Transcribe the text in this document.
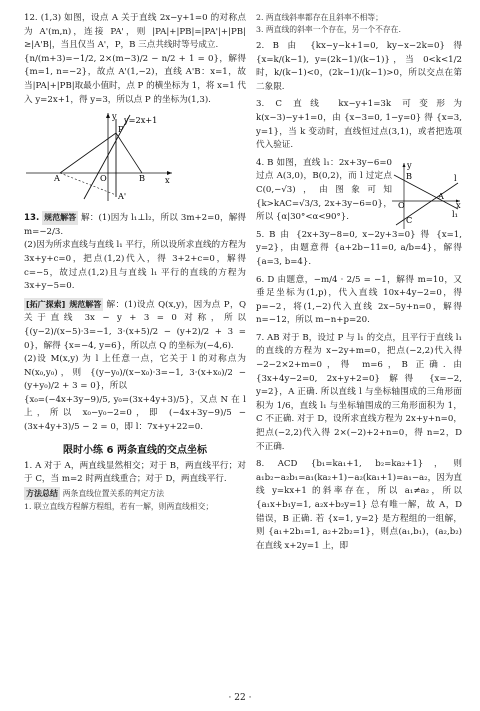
12. (1,3) 如图，设点 A 关于直线 2x−y+1=0 的对称点为 A'(m,n)，连接 PA'，则 |PA|+|PB|=|PA'|+|PB|≥|A'B|，当且仅当 A'，P，B 三点共线时等号成立.

{n/(m+3)=−1/2, 2×(m−3)/2 − n/2 + 1 = 0}，解得 {m=1, n=−2}，故点 A'(1,−2)，直线 A'B：x=1，故当|PA|+|PB|取最小值时，点 P 的横坐标为 1，将 x=1 代入 y=2x+1，得 y=3，所以点 P 的坐标为(1,3).

y=2x+1
A	B
P
A'
O	x
y

13. 规范解答 解：(1)因为 l₁⊥l₂，所以 3m+2=0，解得 m=−2/3.

(2)因为所求直线与直线 l₁ 平行，所以设所求直线的方程为 3x+y+c=0，把点(1,2)代入，得 3+2+c=0，解得 c=−5，故过点(1,2)且与直线 l₁ 平行的直线的方程为 3x+y−5=0.

[拓广探索] 规范解答 解：(1)设点 Q(x,y)，因为点 P，Q 关于直线 3x − y + 3 = 0 对称，所以 {(y−2)/(x−5)·3=−1, 3·(x+5)/2 − (y+2)/2 + 3 = 0}，解得 {x=−4, y=6}，所以点 Q 的坐标为(−4,6).

(2)设 M(x,y) 为 l 上任意一点，它关于 l 的对称点为 N(x₀,y₀)，则 {(y−y₀)/(x−x₀)·3=−1, 3·(x+x₀)/2 − (y+y₀)/2 + 3 = 0}，所以

{x₀=(−4x+3y−9)/5, y₀=(3x+4y+3)/5}，又点 N 在 l 上，所以 x₀−y₀−2=0，即 (−4x+3y−9)/5 − (3x+4y+3)/5 − 2 = 0，即 l：7x+y+22=0.

限时小练 6 两条直线的交点坐标

1. A 对于 A，两直线显然相交；对于 B，两直线平行；对于 C，当 m=2 时两直线重合；对于 D，两直线平行.

方法总结 两条直线位置关系的判定方法

1. 联立直线方程解方程组，若有一解，则两直线相交；

2. 两直线斜率都存在且斜率不相等；

3. 两直线的斜率一个存在，另一个不存在.

2. B 由 {kx−y−k+1=0, ky−x−2k=0} 得 {x=k/(k−1), y=(2k−1)/(k−1)}，当 0<k<1/2 时，k/(k−1)<0，(2k−1)/(k−1)>0，所以交点在第二象限.

3. C 直线 kx−y+1=3k 可变形为 k(x−3)−y+1=0，由 {x−3=0, 1−y=0} 得 {x=3, y=1}，当 k 变动时，直线恒过点(3,1)，或者把选项代入验证.

4. B 如图，直线 l₁：2x+3y−6=0 过点 A(3,0)，B(0,2)，而 l 过定点 C(0,−√3)，由图象可知 {k>kAC=√3/3, 2x+3y−6=0}，所以 {α|30°<α<90°}.

B
A
C
O
l
l₁
x
y

5. B 由 {2x+3y−8=0, x−2y+3=0} 得 {x=1, y=2}，由题意得 {a+2b−11=0, a/b=4}，解得 {a=3, b=4}.

6. D 由题意，−m/4 · 2/5 = −1，解得 m=10，又垂足坐标为(1,p)，代入直线 10x+4y−2=0，得 p=−2，将(1,−2)代入直线 2x−5y+n=0，解得 n=−12，所以 m−n+p=20.

7. AB 对于 B，设过 P 与 l₁ 的交点，且平行于直线 l₁ 的直线的方程为 x−2y+m=0，把点(−2,2)代入得 −2−2×2+m=0，得 m=6，B 正确. 由 {3x+4y−2=0, 2x+y+2=0} 解得 {x=−2, y=2}，A 正确. 所以直线 l 与坐标轴围成的三角形面积为 1/6，直线 l₁ 与坐标轴围成的三角形面积为 1，C 不正确. 对于 D，设所求直线方程为 2x+y+n=0，把点(−2,2)代入得 2×(−2)+2+n=0，得 n=2，D 不正确.

8. ACD {b₁=ka₁+1, b₂=ka₂+1}，则 a₁b₂−a₂b₁=a₁(ka₂+1)−a₂(ka₁+1)=a₁−a₂，因为直线 y=kx+1 的斜率存在，所以 a₁≠a₂，所以 {a₁x+b₁y=1, a₂x+b₂y=1} 总有唯一解，故 A，D 错误，B 正确. 若 {x=1, y=2} 是方程组的一组解，则 {a₁+2b₁=1, a₂+2b₂=1}，则点(a₁,b₁)，(a₂,b₂)在直线 x+2y=1 上，即

· 22 ·
